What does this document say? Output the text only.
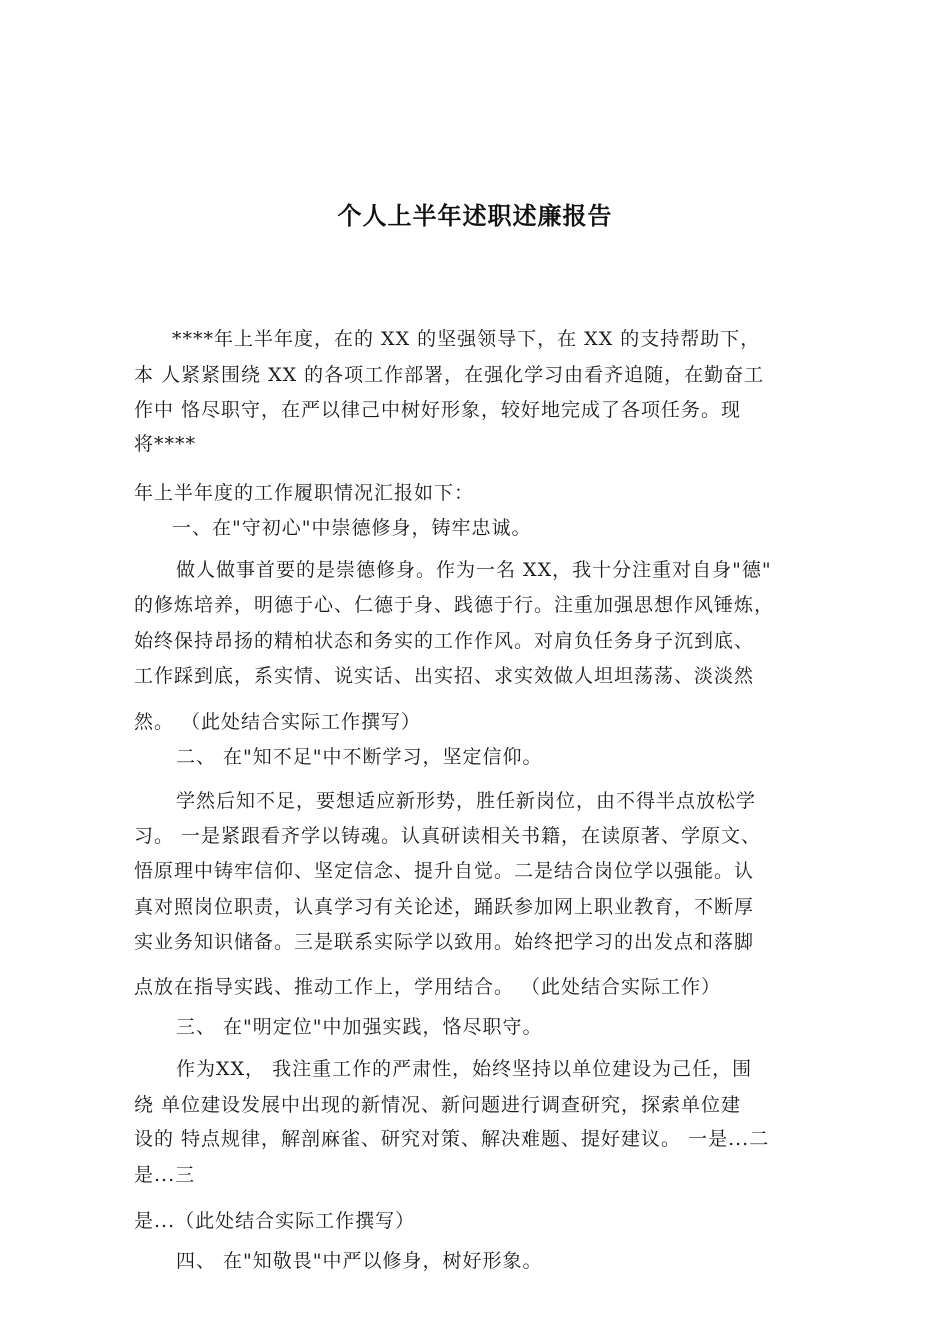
个人上半年述职述廉报告
****年上半年度，在的 XX 的坚强领导下，在 XX 的支持帮助下，
本 人紧紧围绕 XX 的各项工作部署，在强化学习由看齐追随，在勤奋工
作中 恪尽职守，在严以律己中树好形象，较好地完成了各项任务。现
将****
年上半年度的工作履职情况汇报如下：
一、在"守初心"中崇德修身，铸牢忠诚。
做人做事首要的是崇德修身。作为一名 XX，我十分注重对自身"德"
的修炼培养，明德于心、仁德于身、践德于行。注重加强思想作风锤炼，
始终保持昂扬的精柏状态和务实的工作作风。对肩负任务身子沉到底、
工作踩到底，系实情、说实话、出实招、求实效做人坦坦荡荡、淡淡然
然。 （此处结合实际工作撰写）
二、 在"知不足"中不断学习，坚定信仰。
学然后知不足，要想适应新形势，胜任新岗位，由不得半点放松学
习。 一是紧跟看齐学以铸魂。认真研读相关书籍，在读原著、学原文、
悟原理中铸牢信仰、坚定信念、提升自觉。二是结合岗位学以强能。认
真对照岗位职责，认真学习有关论述，踊跃参加网上职业教育，不断厚
实业务知识储备。三是联系实际学以致用。始终把学习的出发点和落脚
点放在指导实践、推动工作上，学用结合。 （此处结合实际工作）
三、 在"明定位"中加强实践，恪尽职守。
作为XX， 我注重工作的严肃性，始终坚持以单位建设为己任，围
绕 单位建设发展中出现的新情况、新问题进行调查研究，探索单位建
设的 特点规律，解剖麻雀、研究对策、解决难题、提好建议。 一是...二
是...三
是...（此处结合实际工作撰写）
四、 在"知敬畏"中严以修身，树好形象。
